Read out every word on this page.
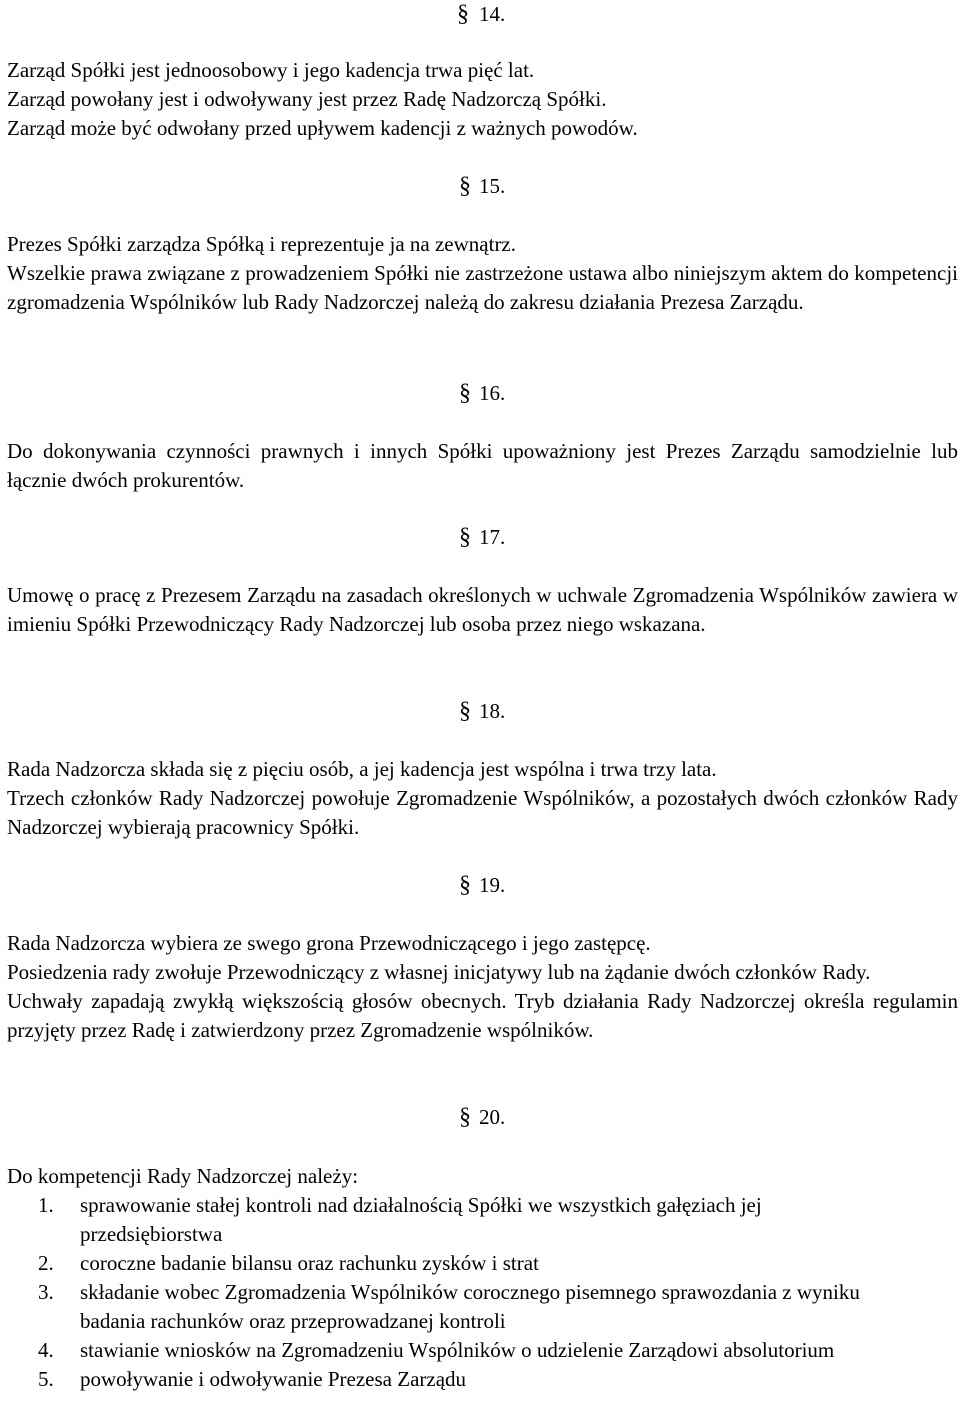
§ 14.
Zarząd Spółki jest jednoosobowy i jego kadencja trwa pięć lat.
Zarząd powołany jest i odwoływany jest przez Radę Nadzorczą Spółki.
Zarząd może być odwołany przed upływem kadencji z ważnych powodów.
§ 15.
Prezes Spółki zarządza Spółką i reprezentuje ja na zewnątrz.
Wszelkie prawa związane z prowadzeniem Spółki nie zastrzeżone ustawa albo niniejszym aktem do kompetencji zgromadzenia Wspólników lub Rady Nadzorczej należą do zakresu działania Prezesa Zarządu.
§ 16.
Do dokonywania czynności prawnych i innych Spółki upoważniony jest Prezes Zarządu samodzielnie lub łącznie dwóch prokurentów.
§ 17.
Umowę o pracę z Prezesem Zarządu na zasadach określonych w uchwale Zgromadzenia Wspólników zawiera w imieniu Spółki Przewodniczący Rady Nadzorczej lub osoba przez niego wskazana.
§ 18.
Rada Nadzorcza składa się z pięciu osób, a jej kadencja jest wspólna i trwa trzy lata.
Trzech członków Rady Nadzorczej powołuje Zgromadzenie Wspólników, a pozostałych dwóch członków Rady Nadzorczej wybierają pracownicy Spółki.
§ 19.
Rada Nadzorcza wybiera ze swego grona Przewodniczącego i jego zastępcę.
Posiedzenia rady zwołuje Przewodniczący z własnej inicjatywy lub na żądanie dwóch członków Rady.
Uchwały zapadają zwykłą większością głosów obecnych. Tryb działania Rady Nadzorczej określa regulamin przyjęty przez Radę i zatwierdzony przez Zgromadzenie wspólników.
§ 20.
Do kompetencji Rady Nadzorczej należy:
1. sprawowanie stałej kontroli nad działalnością Spółki we wszystkich gałęziach jej przedsiębiorstwa
2. coroczne badanie bilansu oraz rachunku zysków i strat
3. składanie wobec Zgromadzenia Wspólników corocznego pisemnego sprawozdania z wyniku badania rachunków oraz przeprowadzanej kontroli
4. stawianie wniosków na Zgromadzeniu Wspólników o udzielenie Zarządowi absolutorium
5. powoływanie i odwoływanie Prezesa Zarządu
